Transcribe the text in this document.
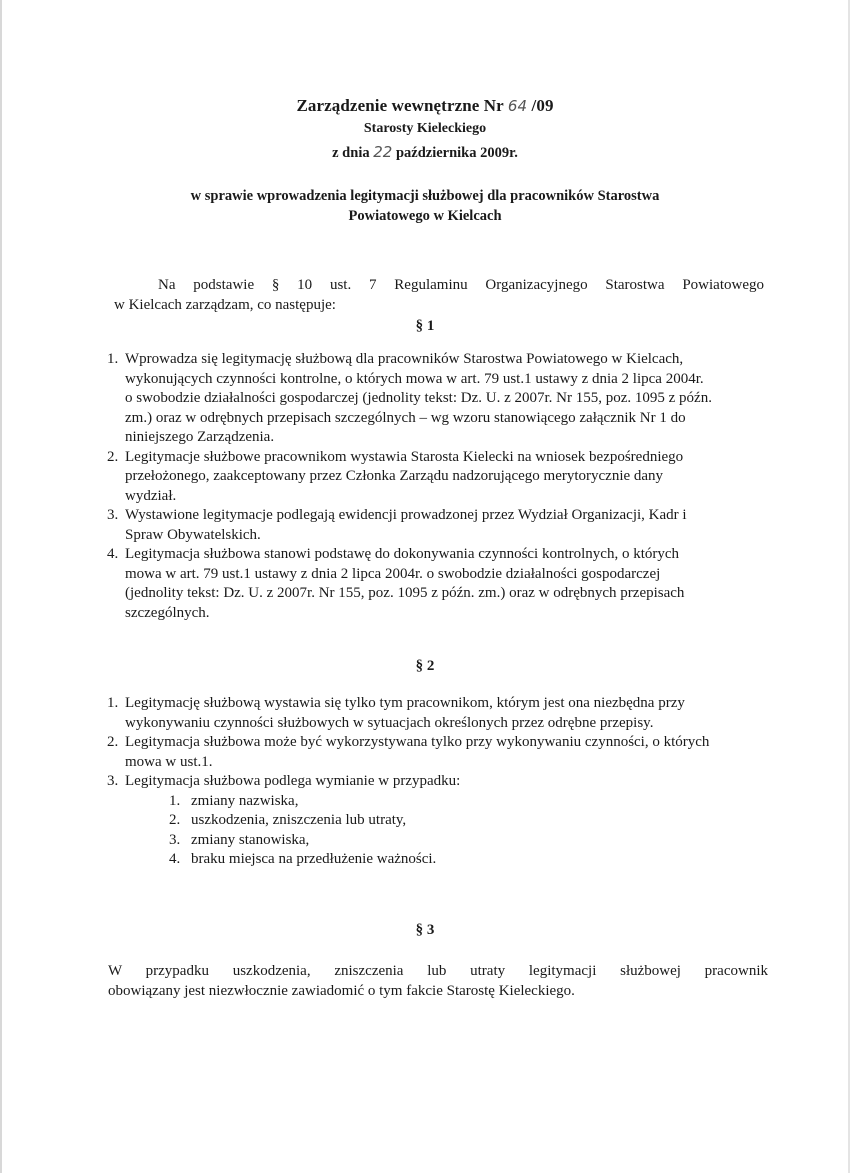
Zarządzenie wewnętrzne Nr 64 /09
Starosty Kieleckiego
z dnia 22 października 2009r.
w sprawie wprowadzenia legitymacji służbowej dla pracowników Starostwa
Powiatowego w Kielcach
Na podstawie § 10 ust. 7 Regulaminu Organizacyjnego Starostwa Powiatowego
w Kielcach zarządzam, co następuje:
§ 1
1. Wprowadza się legitymację służbową dla pracowników Starostwa Powiatowego w Kielcach, wykonujących czynności kontrolne, o których mowa w art. 79 ust.1 ustawy z dnia 2 lipca 2004r. o swobodzie działalności gospodarczej (jednolity tekst: Dz. U. z 2007r. Nr 155, poz. 1095 z późn. zm.) oraz w odrębnych przepisach szczególnych – wg wzoru stanowiącego załącznik Nr 1 do niniejszego Zarządzenia.
2. Legitymacje służbowe pracownikom wystawia Starosta Kielecki na wniosek bezpośredniego przełożonego, zaakceptowany przez Członka Zarządu nadzorującego merytorycznie dany wydział.
3. Wystawione legitymacje podlegają ewidencji prowadzonej przez Wydział Organizacji, Kadr i Spraw Obywatelskich.
4. Legitymacja służbowa stanowi podstawę do dokonywania czynności kontrolnych, o których mowa w art. 79 ust.1 ustawy z dnia 2 lipca 2004r. o swobodzie działalności gospodarczej (jednolity tekst: Dz. U. z 2007r. Nr 155, poz. 1095 z późn. zm.) oraz w odrębnych przepisach szczególnych.
§ 2
1. Legitymację służbową wystawia się tylko tym pracownikom, którym jest ona niezbędna przy wykonywaniu czynności służbowych w sytuacjach określonych przez odrębne przepisy.
2. Legitymacja służbowa może być wykorzystywana tylko przy wykonywaniu czynności, o których mowa w ust.1.
3. Legitymacja służbowa podlega wymianie w przypadku:
1. zmiany nazwiska,
2. uszkodzenia, zniszczenia lub utraty,
3. zmiany stanowiska,
4. braku miejsca na przedłużenie ważności.
§ 3
W przypadku uszkodzenia, zniszczenia lub utraty legitymacji służbowej pracownik
obowiązany jest niezwłocznie zawiadomić o tym fakcie Starostę Kieleckiego.
